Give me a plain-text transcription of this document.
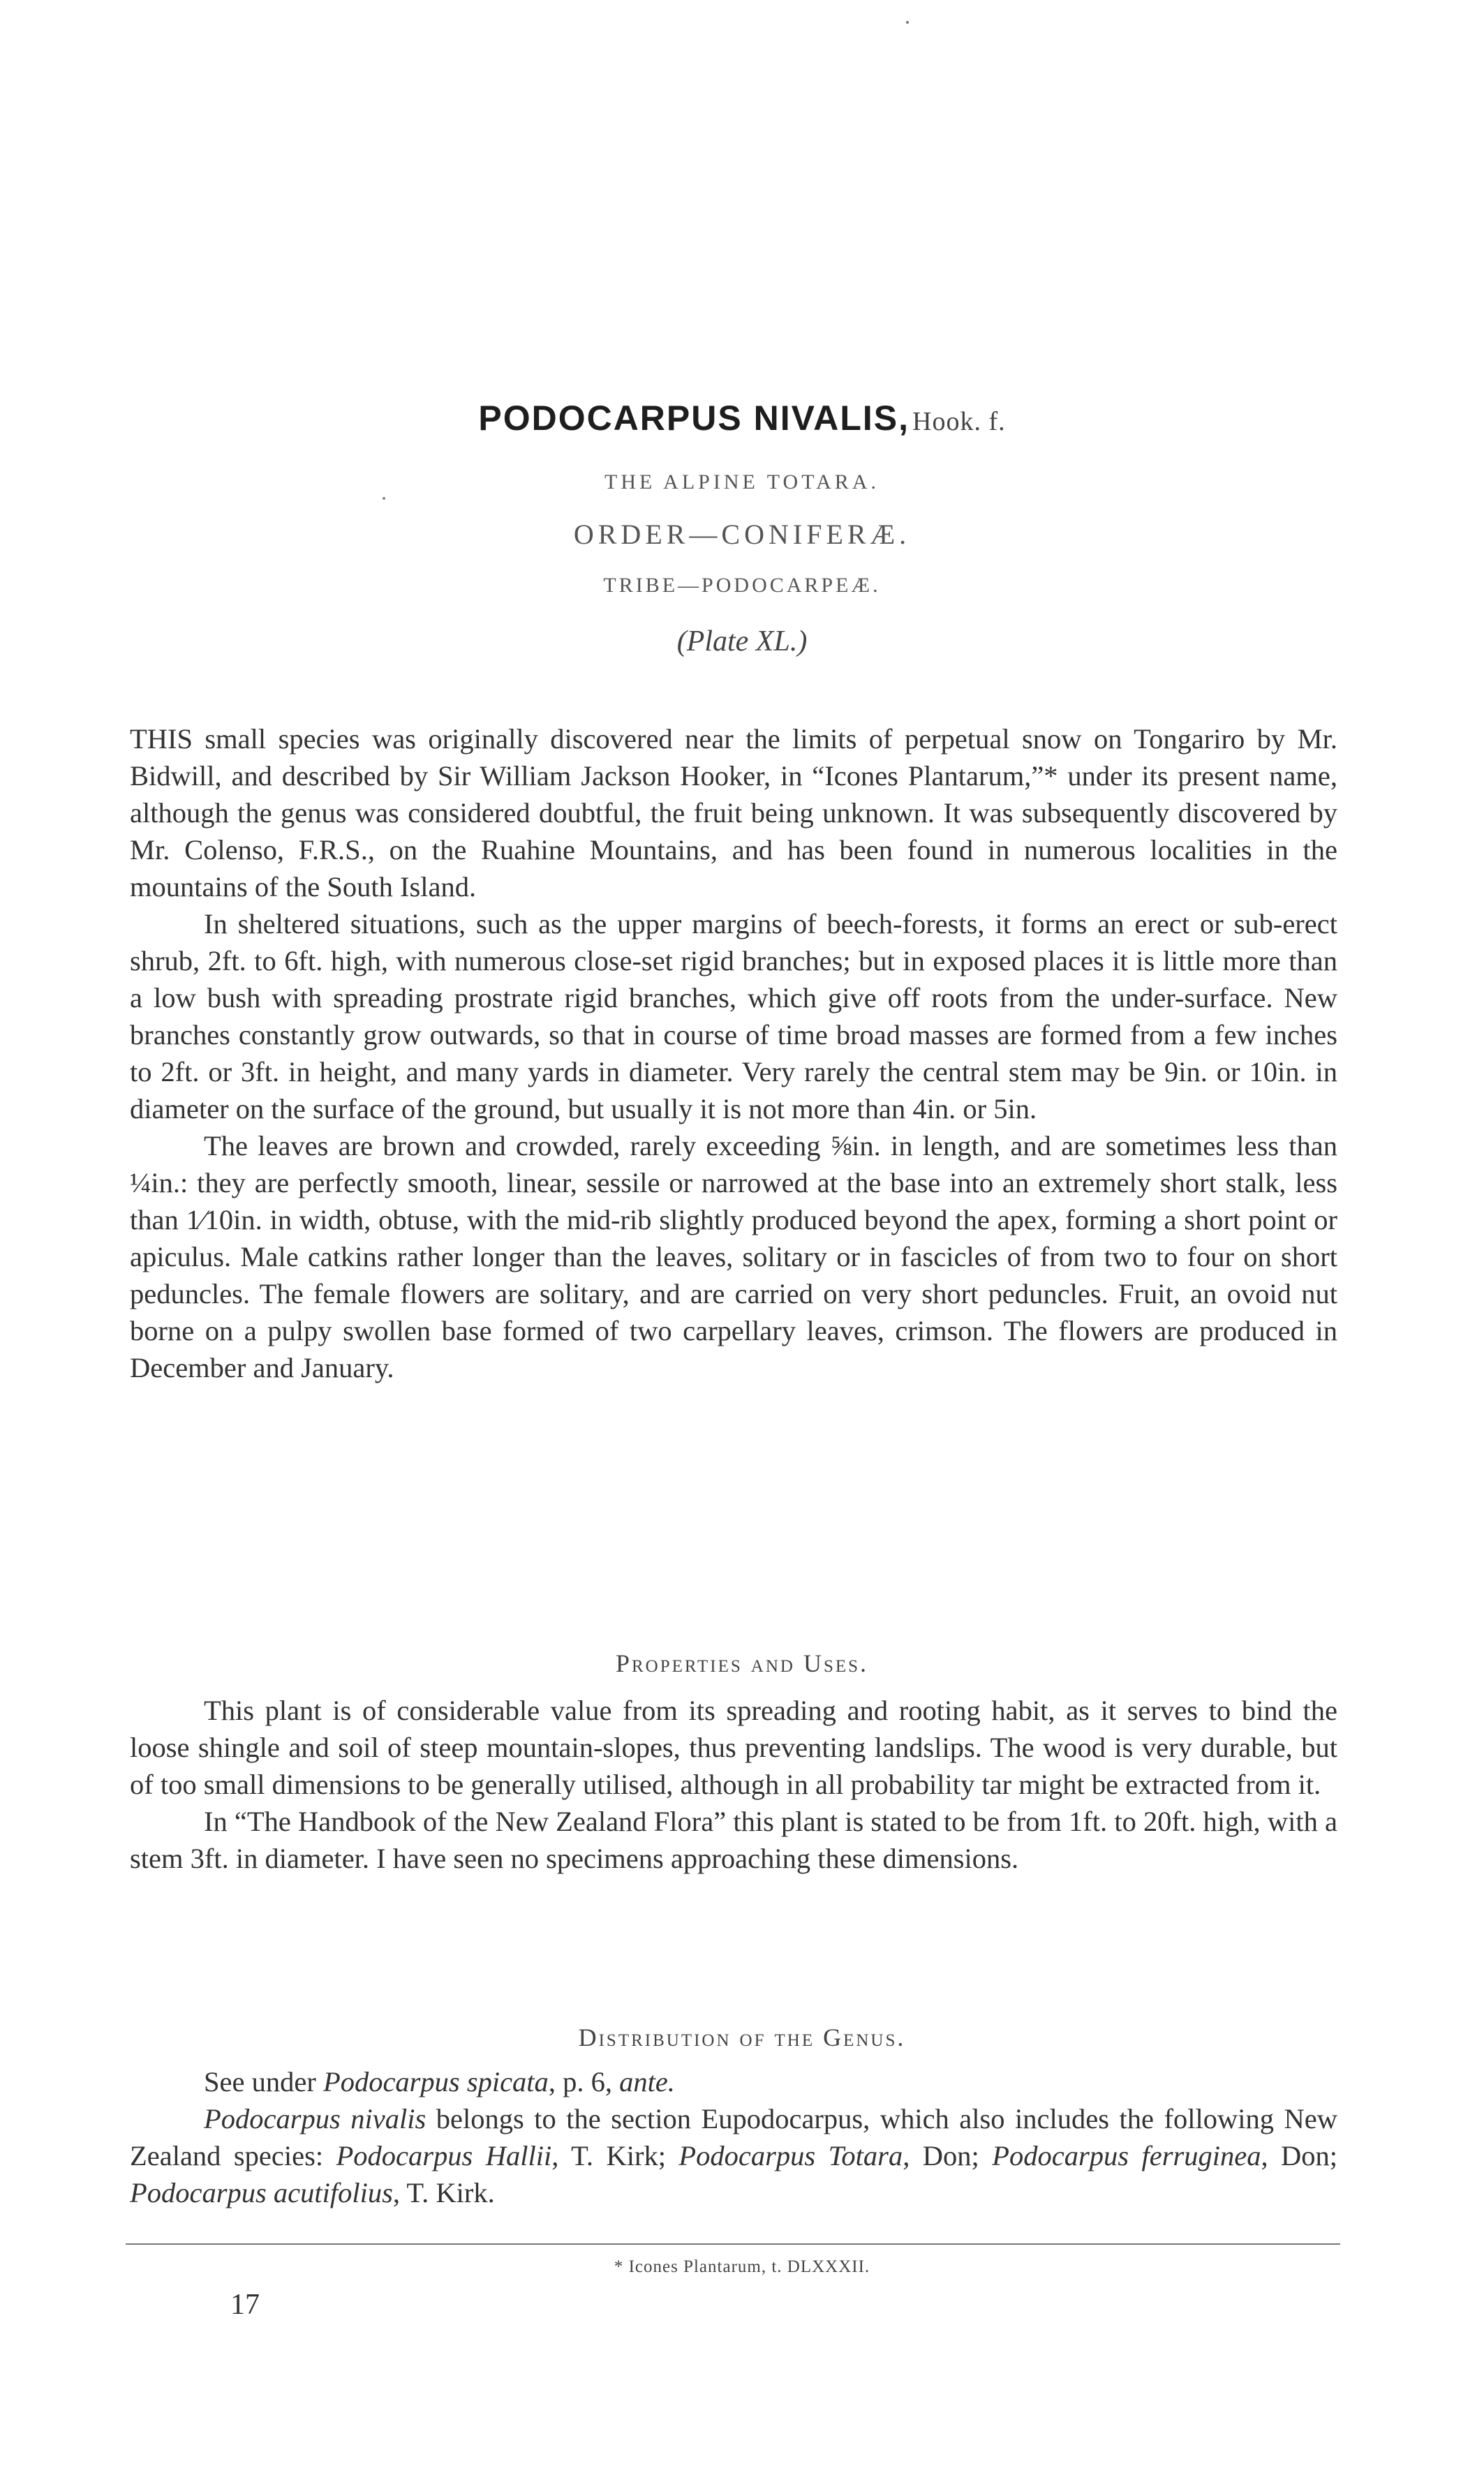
PODOCARPUS NIVALIS, Hook. f.
THE ALPINE TOTARA.
ORDER—CONIFERÆ.
TRIBE—PODOCARPEÆ.
(Plate XL.)

THIS small species was originally discovered near the limits of perpetual snow on Tongariro by Mr. Bidwill, and described by Sir William Jackson Hooker, in “Icones Plantarum,”* under its present name, although the genus was considered doubtful, the fruit being unknown. It was subsequently discovered by Mr. Colenso, F.R.S., on the Ruahine Mountains, and has been found in numerous localities in the mountains of the South Island.

In sheltered situations, such as the upper margins of beech-forests, it forms an erect or sub-erect shrub, 2ft. to 6ft. high, with numerous close-set rigid branches; but in exposed places it is little more than a low bush with spreading prostrate rigid branches, which give off roots from the under-surface. New branches constantly grow outwards, so that in course of time broad masses are formed from a few inches to 2ft. or 3ft. in height, and many yards in diameter. Very rarely the central stem may be 9in. or 10in. in diameter on the surface of the ground, but usually it is not more than 4in. or 5in.

The leaves are brown and crowded, rarely exceeding ⅝in. in length, and are sometimes less than ¼in.: they are perfectly smooth, linear, sessile or narrowed at the base into an extremely short stalk, less than 1⁄10in. in width, obtuse, with the mid-rib slightly produced beyond the apex, forming a short point or apiculus. Male catkins rather longer than the leaves, solitary or in fascicles of from two to four on short peduncles. The female flowers are solitary, and are carried on very short peduncles. Fruit, an ovoid nut borne on a pulpy swollen base formed of two carpellary leaves, crimson. The flowers are produced in December and January.

Properties and Uses.

This plant is of considerable value from its spreading and rooting habit, as it serves to bind the loose shingle and soil of steep mountain-slopes, thus preventing landslips. The wood is very durable, but of too small dimensions to be generally utilised, although in all probability tar might be extracted from it.

In “The Handbook of the New Zealand Flora” this plant is stated to be from 1ft. to 20ft. high, with a stem 3ft. in diameter. I have seen no specimens approaching these dimensions.

Distribution of the Genus.

See under Podocarpus spicata, p. 6, ante.

Podocarpus nivalis belongs to the section Eupodocarpus, which also includes the following New Zealand species: Podocarpus Hallii, T. Kirk; Podocarpus Totara, Don; Podocarpus ferruginea, Don; Podocarpus acutifolius, T. Kirk.

* Icones Plantarum, t. DLXXXII.
17
